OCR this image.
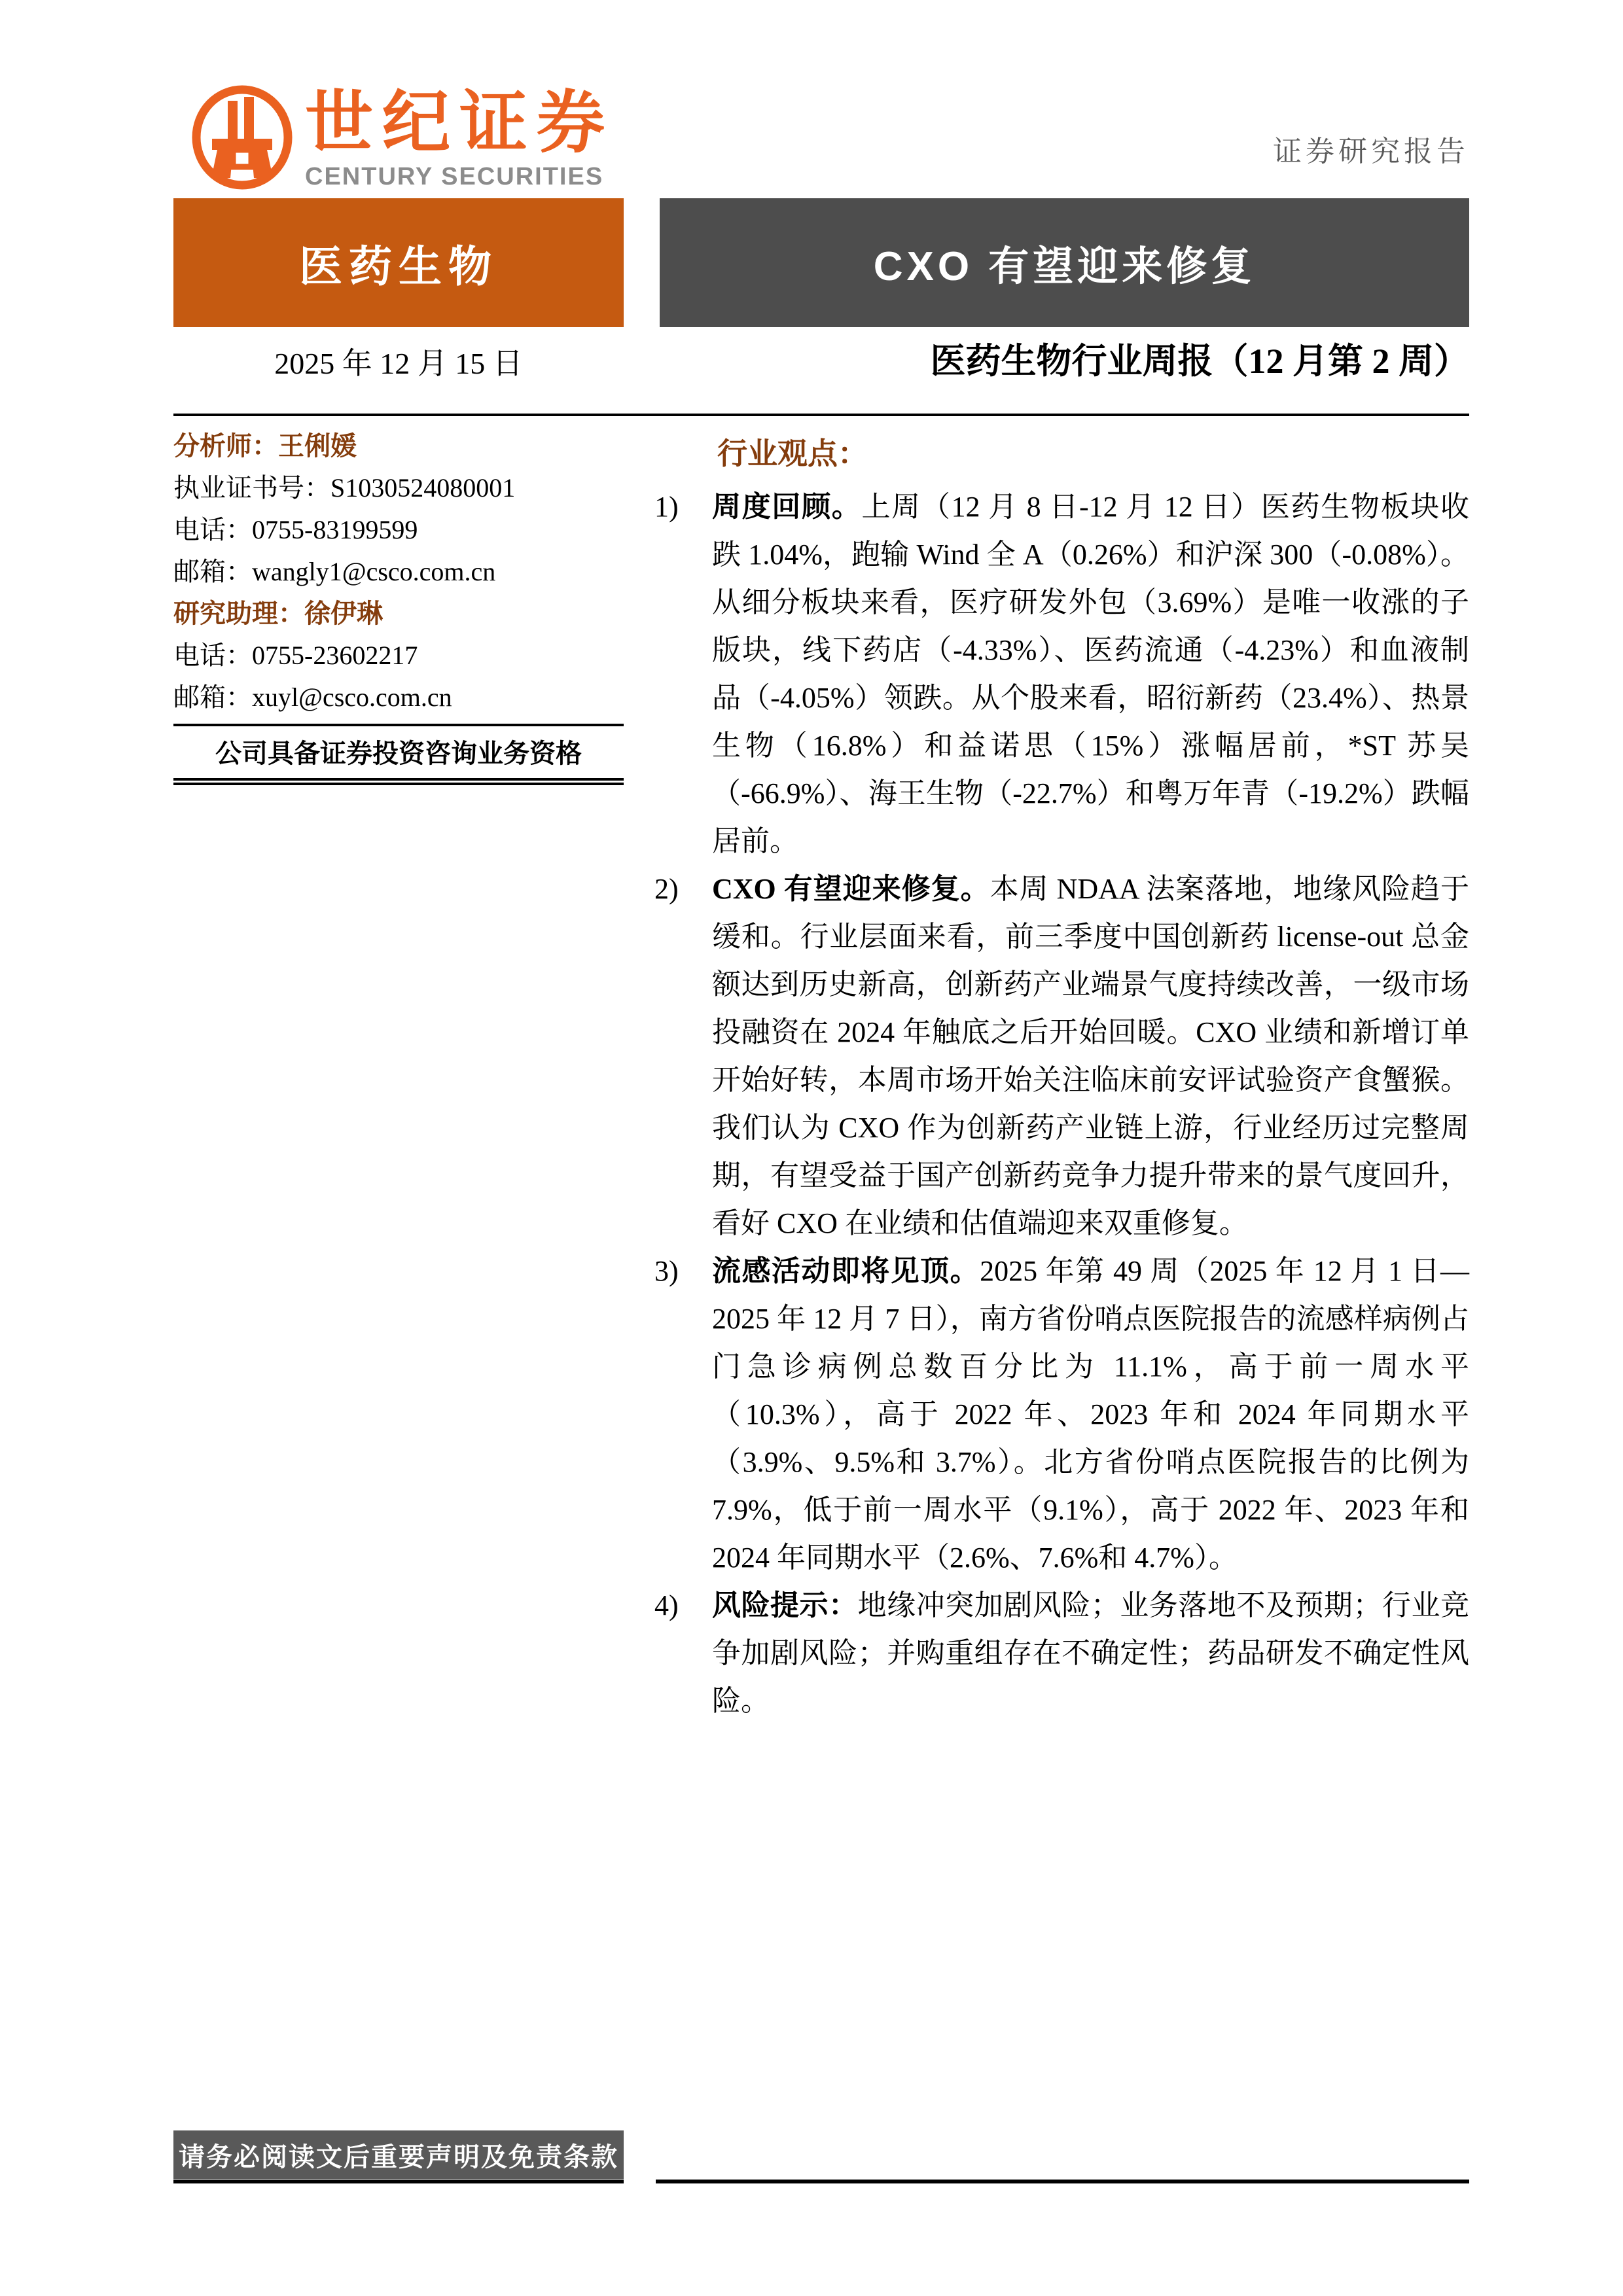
世纪证券
CENTURY SECURITIES
证券研究报告
医药生物	CXO 有望迎来修复
2025 年 12 月 15 日	医药生物行业周报（12 月第 2 周）
分析师：王俐媛
执业证书号：S1030524080001
电话：0755-83199599
邮箱：wangly1@csco.com.cn
研究助理：徐伊琳
电话：0755-23602217
邮箱：xuyl@csco.com.cn
公司具备证券投资咨询业务资格
行业观点：
1)	周度回顾。上周（12 月 8 日-12 月 12 日）医药生物板块收跌 1.04%，跑输 Wind 全 A（0.26%）和沪深 300（-0.08%）。从细分板块来看，医疗研发外包（3.69%）是唯一收涨的子版块，线下药店（-4.33%）、医药流通（-4.23%）和血液制品（-4.05%）领跌。从个股来看，昭衍新药（23.4%）、热景生物（16.8%）和益诺思（15%）涨幅居前，*ST 苏吴（-66.9%）、海王生物（-22.7%）和粤万年青（-19.2%）跌幅居前。

2)	CXO 有望迎来修复。本周 NDAA 法案落地，地缘风险趋于缓和。行业层面来看，前三季度中国创新药 license-out 总金额达到历史新高，创新药产业端景气度持续改善，一级市场投融资在 2024 年触底之后开始回暖。CXO 业绩和新增订单开始好转，本周市场开始关注临床前安评试验资产食蟹猴。我们认为 CXO 作为创新药产业链上游，行业经历过完整周期，有望受益于国产创新药竞争力提升带来的景气度回升，看好 CXO 在业绩和估值端迎来双重修复。

3)	流感活动即将见顶。2025 年第 49 周（2025 年 12 月 1 日—2025 年 12 月 7 日），南方省份哨点医院报告的流感样病例占门急诊病例总数百分比为 11.1%，高于前一周水平（10.3%），高于 2022 年、2023 年和 2024 年同期水平（3.9%、9.5%和 3.7%）。北方省份哨点医院报告的比例为 7.9%，低于前一周水平（9.1%），高于 2022 年、2023 年和 2024 年同期水平（2.6%、7.6%和 4.7%）。

4)	风险提示：地缘冲突加剧风险；业务落地不及预期；行业竞争加剧风险；并购重组存在不确定性；药品研发不确定性风险。

请务必阅读文后重要声明及免责条款
